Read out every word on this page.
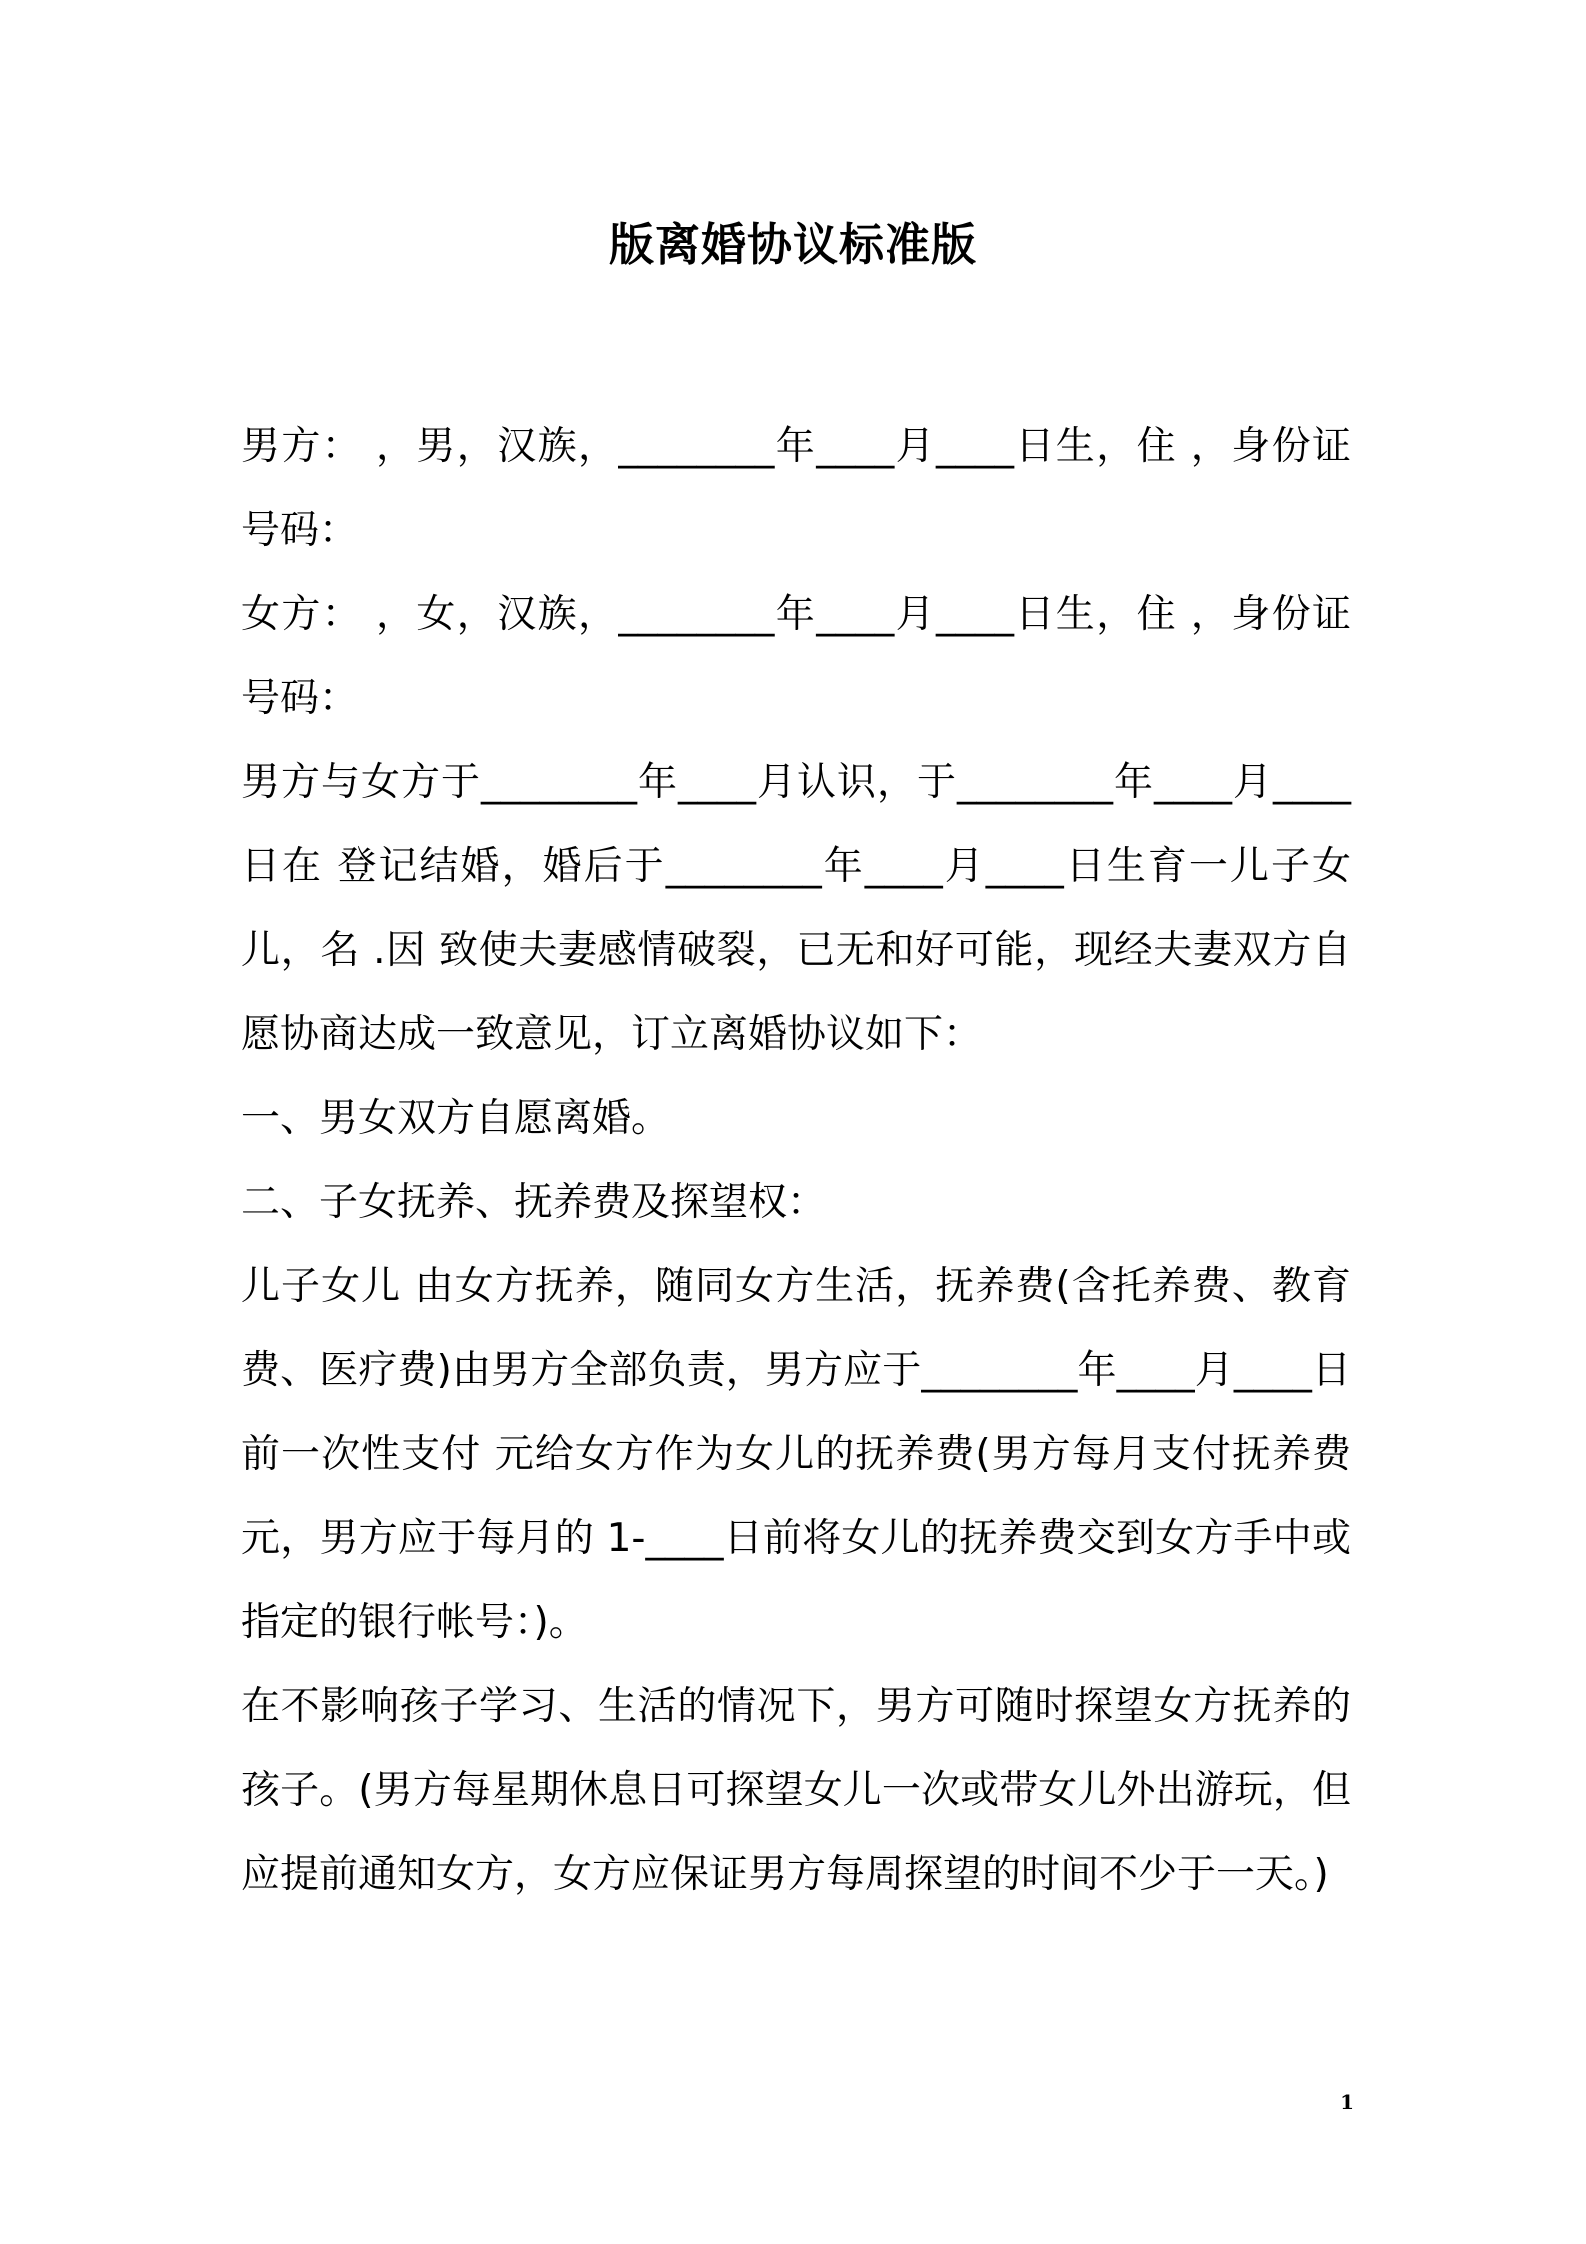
版离婚协议标准版

男方： ，男，汉族，________年____月____日生，住 ，身份证号码：

女方： ，女，汉族，________年____月____日生，住 ，身份证号码：

男方与女方于________年____月认识，于________年____月____日在 登记结婚，婚后于________年____月____日生育一儿子女儿，名 .因 致使夫妻感情破裂，已无和好可能，现经夫妻双方自愿协商达成一致意见，订立离婚协议如下：

一、男女双方自愿离婚。

二、子女抚养、抚养费及探望权：

儿子女儿 由女方抚养，随同女方生活，抚养费(含托养费、教育费、医疗费)由男方全部负责，男方应于________年____月____日前一次性支付 元给女方作为女儿的抚养费(男方每月支付抚养费 元，男方应于每月的 1-____日前将女儿的抚养费交到女方手中或指定的银行帐号：)。

在不影响孩子学习、生活的情况下，男方可随时探望女方抚养的孩子。(男方每星期休息日可探望女儿一次或带女儿外出游玩，但应提前通知女方，女方应保证男方每周探望的时间不少于一天。)

1
